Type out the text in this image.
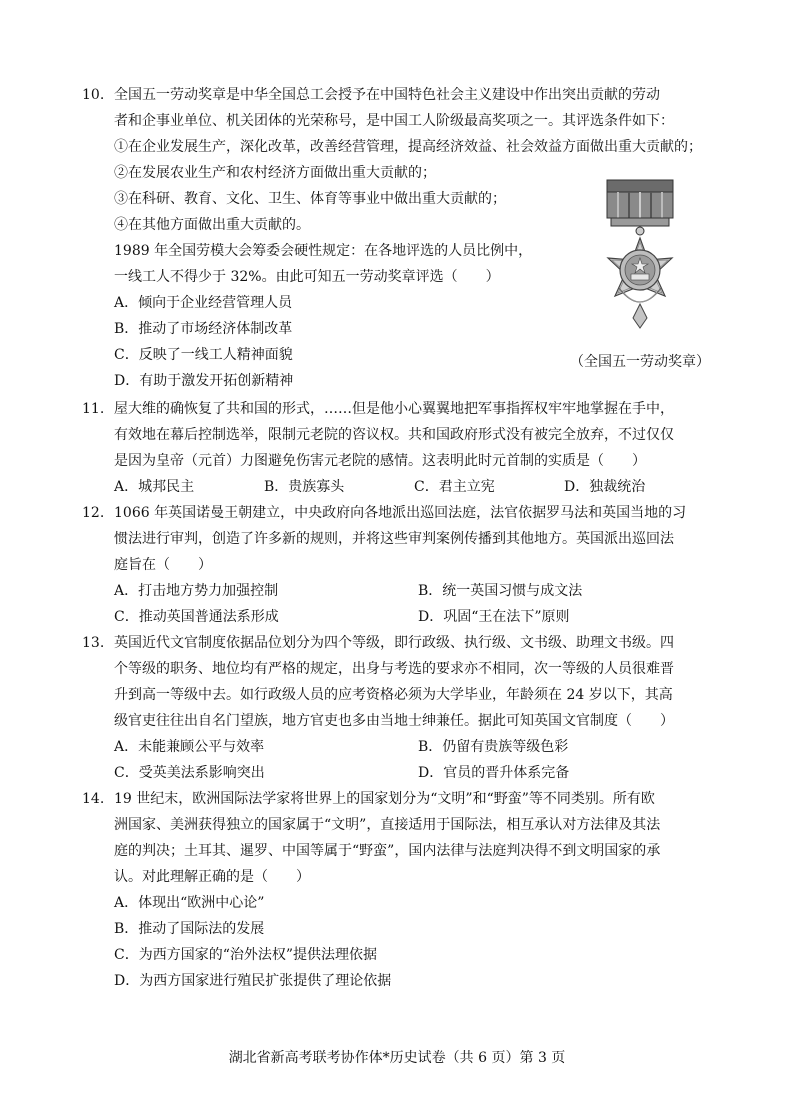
10. 全国五一劳动奖章是中华全国总工会授予在中国特色社会主义建设中作出突出贡献的劳动
者和企事业单位、机关团体的光荣称号，是中国工人阶级最高奖项之一。其评选条件如下：
①在企业发展生产，深化改革，改善经营管理，提高经济效益、社会效益方面做出重大贡献的；
②在发展农业生产和农村经济方面做出重大贡献的；
③在科研、教育、文化、卫生、体育等事业中做出重大贡献的；
④在其他方面做出重大贡献的。
1989 年全国劳模大会筹委会硬性规定：在各地评选的人员比例中，
一线工人不得少于 32%。由此可知五一劳动奖章评选（　　）
A．倾向于企业经营管理人员
B．推动了市场经济体制改革
C．反映了一线工人精神面貌
D．有助于激发开拓创新精神
（全国五一劳动奖章）
11. 屋大维的确恢复了共和国的形式，……但是他小心翼翼地把军事指挥权牢牢地掌握在手中，
有效地在幕后控制选举，限制元老院的咨议权。共和国政府形式没有被完全放弃，不过仅仅
是因为皇帝（元首）力图避免伤害元老院的感情。这表明此时元首制的实质是（　　）
A．城邦民主	B．贵族寡头	C．君主立宪	D．独裁统治
12. 1066 年英国诺曼王朝建立，中央政府向各地派出巡回法庭，法官依据罗马法和英国当地的习
惯法进行审判，创造了许多新的规则，并将这些审判案例传播到其他地方。英国派出巡回法
庭旨在（　　）
A．打击地方势力加强控制	B．统一英国习惯与成文法
C．推动英国普通法系形成	D．巩固“王在法下”原则
13. 英国近代文官制度依据品位划分为四个等级，即行政级、执行级、文书级、助理文书级。四
个等级的职务、地位均有严格的规定，出身与考选的要求亦不相同，次一等级的人员很难晋
升到高一等级中去。如行政级人员的应考资格必须为大学毕业，年龄须在 24 岁以下，其高
级官吏往往出自名门望族，地方官吏也多由当地士绅兼任。据此可知英国文官制度（　　）
A．未能兼顾公平与效率	B．仍留有贵族等级色彩
C．受英美法系影响突出	D．官员的晋升体系完备
14. 19 世纪末，欧洲国际法学家将世界上的国家划分为“文明”和“野蛮”等不同类别。所有欧
洲国家、美洲获得独立的国家属于“文明”，直接适用于国际法，相互承认对方法律及其法
庭的判决；土耳其、暹罗、中国等属于“野蛮”，国内法律与法庭判决得不到文明国家的承
认。对此理解正确的是（　　）
A．体现出“欧洲中心论”
B．推动了国际法的发展
C．为西方国家的“治外法权”提供法理依据
D．为西方国家进行殖民扩张提供了理论依据
湖北省新高考联考协作体*历史试卷（共 6 页）第 3 页
